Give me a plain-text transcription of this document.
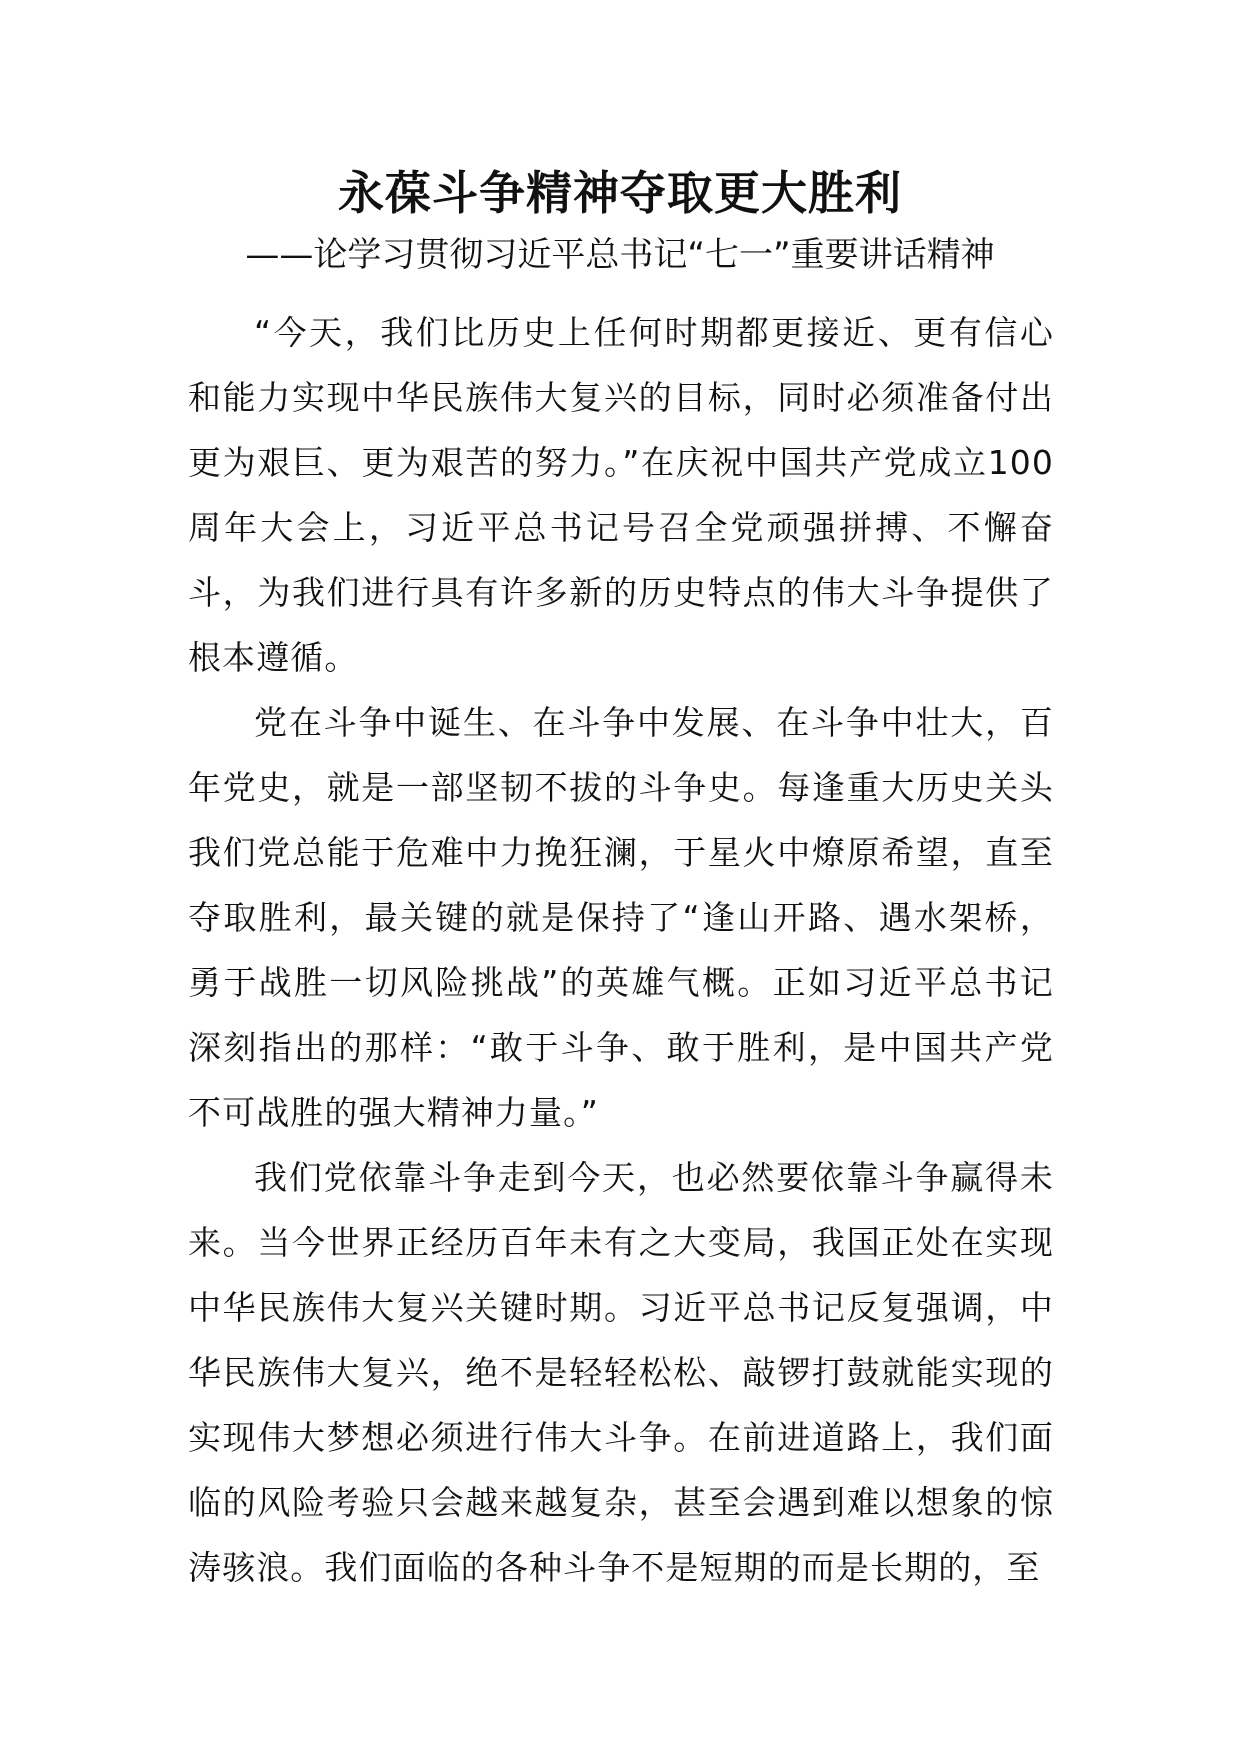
永葆斗争精神夺取更大胜利
——论学习贯彻习近平总书记“七一”重要讲话精神

“今天，我们比历史上任何时期都更接近、更有信心和能力实现中华民族伟大复兴的目标，同时必须准备付出更为艰巨、更为艰苦的努力。”在庆祝中国共产党成立100周年大会上，习近平总书记号召全党顽强拼搏、不懈奋斗，为我们进行具有许多新的历史特点的伟大斗争提供了根本遵循。

党在斗争中诞生、在斗争中发展、在斗争中壮大，百年党史，就是一部坚韧不拔的斗争史。每逢重大历史关头我们党总能于危难中力挽狂澜，于星火中燎原希望，直至夺取胜利，最关键的就是保持了“逢山开路、遇水架桥，勇于战胜一切风险挑战”的英雄气概。正如习近平总书记深刻指出的那样：“敢于斗争、敢于胜利，是中国共产党不可战胜的强大精神力量。”

我们党依靠斗争走到今天，也必然要依靠斗争赢得未来。当今世界正经历百年未有之大变局，我国正处在实现中华民族伟大复兴关键时期。习近平总书记反复强调，中华民族伟大复兴，绝不是轻轻松松、敲锣打鼓就能实现的实现伟大梦想必须进行伟大斗争。在前进道路上，我们面临的风险考验只会越来越复杂，甚至会遇到难以想象的惊涛骇浪。我们面临的各种斗争不是短期的而是长期的，至
